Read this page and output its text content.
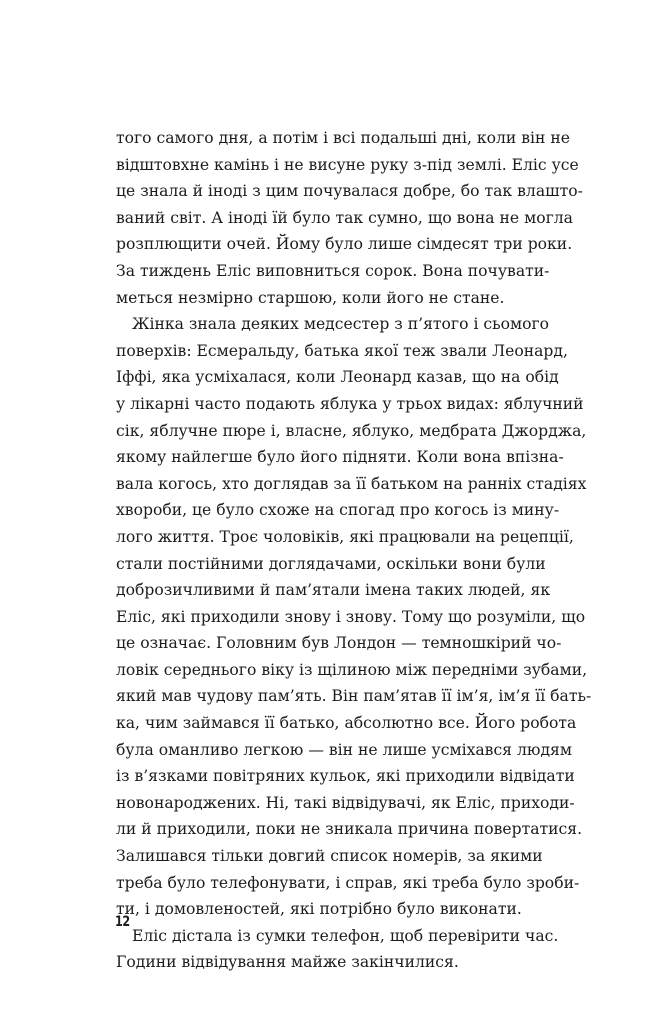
того самого дня, а потім і всі подальші дні, коли він не
відштовхне камінь і не висуне руку з-під землі. Еліс усе
це знала й іноді з цим почувалася добре, бо так влашто-
ваний світ. А іноді їй було так сумно, що вона не могла
розплющити очей. Йому було лише сімдесят три роки.
За тиждень Еліс виповниться сорок. Вона почувати-
меться незмірно старшою, коли його не стане.
Жінка знала деяких медсестер з п’ятого і сьомого
поверхів: Есмеральду, батька якої теж звали Леонард,
Іффі, яка усміхалася, коли Леонард казав, що на обід
у лікарні часто подають яблука у трьох видах: яблучний
сік, яблучне пюре і, власне, яблуко, медбрата Джорджа,
якому найлегше було його підняти. Коли вона впізна-
вала когось, хто доглядав за її батьком на ранніх стадіях
хвороби, це було схоже на спогад про когось із мину-
лого життя. Троє чоловіків, які працювали на рецепції,
стали постійними доглядачами, оскільки вони були
доброзичливими й пам’ятали імена таких людей, як
Еліс, які приходили знову і знову. Тому що розуміли, що
це означає. Головним був Лондон — темношкірий чо-
ловік середнього віку із щілиною між передніми зубами,
який мав чудову пам’ять. Він пам’ятав її ім’я, ім’я її бать-
ка, чим займався її батько, абсолютно все. Його робота
була оманливо легкою — він не лише усміхався людям
із в’язками повітряних кульок, які приходили відвідати
новонароджених. Ні, такі відвідувачі, як Еліс, приходи-
ли й приходили, поки не зникала причина повертатися.
Залишався тільки довгий список номерів, за якими
треба було телефонувати, і справ, які треба було зроби-
ти, і домовленостей, які потрібно було виконати.
Еліс дістала із сумки телефон, щоб перевірити час.
Години відвідування майже закінчилися.
12
